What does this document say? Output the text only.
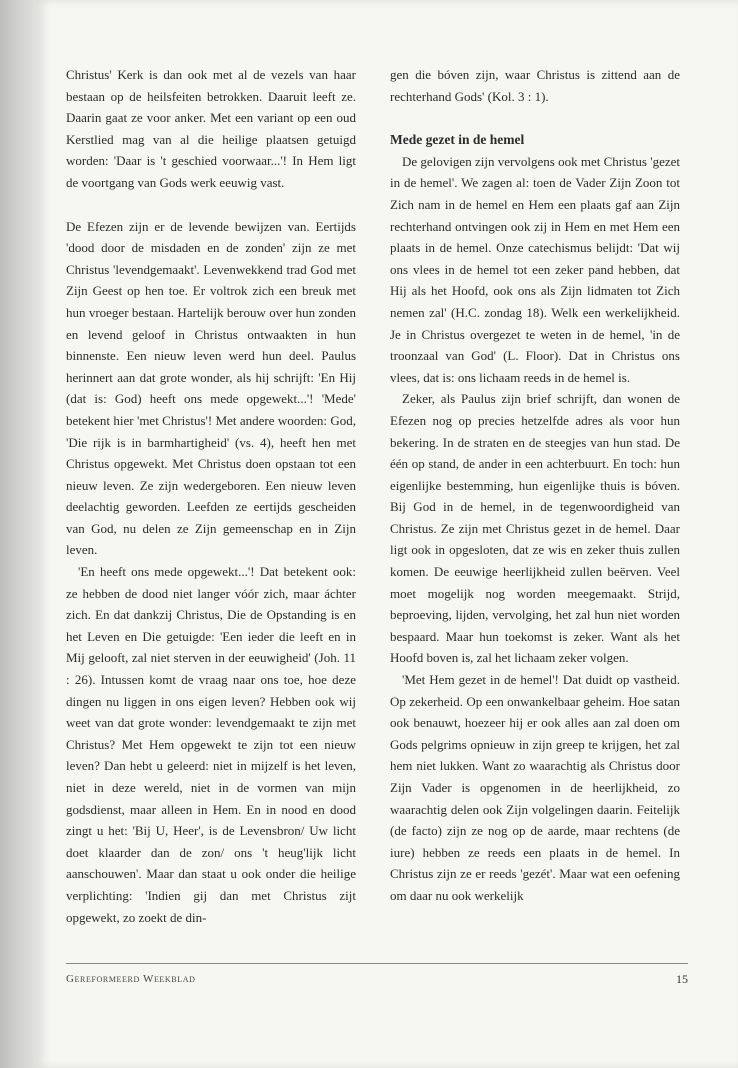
Christus' Kerk is dan ook met al de vezels van haar bestaan op de heilsfeiten betrokken. Daaruit leeft ze. Daarin gaat ze voor anker. Met een variant op een oud Kerstlied mag van al die heilige plaatsen getuigd worden: 'Daar is 't geschied voorwaar...'! In Hem ligt de voortgang van Gods werk eeuwig vast.

De Efezen zijn er de levende bewijzen van. Eertijds 'dood door de misdaden en de zonden' zijn ze met Christus 'levendgemaakt'. Levenwekkend trad God met Zijn Geest op hen toe. Er voltrok zich een breuk met hun vroeger bestaan. Hartelijk berouw over hun zonden en levend geloof in Christus ontwaakten in hun binnenste. Een nieuw leven werd hun deel. Paulus herinnert aan dat grote wonder, als hij schrijft: 'En Hij (dat is: God) heeft ons mede opgewekt...'! 'Mede' betekent hier 'met Christus'! Met andere woorden: God, 'Die rijk is in barmhartigheid' (vs. 4), heeft hen met Christus opgewekt. Met Christus doen opstaan tot een nieuw leven. Ze zijn wedergeboren. Een nieuw leven deelachtig geworden. Leefden ze eertijds gescheiden van God, nu delen ze Zijn gemeenschap en in Zijn leven.

'En heeft ons mede opgewekt...'! Dat betekent ook: ze hebben de dood niet langer vóór zich, maar áchter zich. En dat dankzij Christus, Die de Opstanding is en het Leven en Die getuigde: 'Een ieder die leeft en in Mij gelooft, zal niet sterven in der eeuwigheid' (Joh. 11 : 26). Intussen komt de vraag naar ons toe, hoe deze dingen nu liggen in ons eigen leven? Hebben ook wij weet van dat grote wonder: levendgemaakt te zijn met Christus? Met Hem opgewekt te zijn tot een nieuw leven? Dan hebt u geleerd: niet in mijzelf is het leven, niet in deze wereld, niet in de vormen van mijn godsdienst, maar alleen in Hem. En in nood en dood zingt u het: 'Bij U, Heer', is de Levensbron/ Uw licht doet klaarder dan de zon/ ons 't heug'lijk licht aanschouwen'. Maar dan staat u ook onder die heilige verplichting: 'Indien gij dan met Christus zijt opgewekt, zo zoekt de din-

gen die bóven zijn, waar Christus is zittend aan de rechterhand Gods' (Kol. 3 : 1).

Mede gezet in de hemel

De gelovigen zijn vervolgens ook met Christus 'gezet in de hemel'. We zagen al: toen de Vader Zijn Zoon tot Zich nam in de hemel en Hem een plaats gaf aan Zijn rechterhand ontvingen ook zij in Hem en met Hem een plaats in de hemel. Onze catechismus belijdt: 'Dat wij ons vlees in de hemel tot een zeker pand hebben, dat Hij als het Hoofd, ook ons als Zijn lidmaten tot Zich nemen zal' (H.C. zondag 18). Welk een werkelijkheid. Je in Christus overgezet te weten in de hemel, 'in de troonzaal van God' (L. Floor). Dat in Christus ons vlees, dat is: ons lichaam reeds in de hemel is.

Zeker, als Paulus zijn brief schrijft, dan wonen de Efezen nog op precies hetzelfde adres als voor hun bekering. In de straten en de steegjes van hun stad. De één op stand, de ander in een achterbuurt. En toch: hun eigenlijke bestemming, hun eigenlijke thuis is bóven. Bij God in de hemel, in de tegenwoordigheid van Christus. Ze zijn met Christus gezet in de hemel. Daar ligt ook in opgesloten, dat ze wis en zeker thuis zullen komen. De eeuwige heerlijkheid zullen beërven. Veel moet mogelijk nog worden meegemaakt. Strijd, beproeving, lijden, vervolging, het zal hun niet worden bespaard. Maar hun toekomst is zeker. Want als het Hoofd boven is, zal het lichaam zeker volgen.

'Met Hem gezet in de hemel'! Dat duidt op vastheid. Op zekerheid. Op een onwankelbaar geheim. Hoe satan ook benauwt, hoezeer hij er ook alles aan zal doen om Gods pelgrims opnieuw in zijn greep te krijgen, het zal hem niet lukken. Want zo waarachtig als Christus door Zijn Vader is opgenomen in de heerlijkheid, zo waarachtig delen ook Zijn volgelingen daarin. Feitelijk (de facto) zijn ze nog op de aarde, maar rechtens (de iure) hebben ze reeds een plaats in de hemel. In Christus zijn ze er reeds 'gezét'. Maar wat een oefening om daar nu ook werkelijk

Gereformeerd Weekblad	15
